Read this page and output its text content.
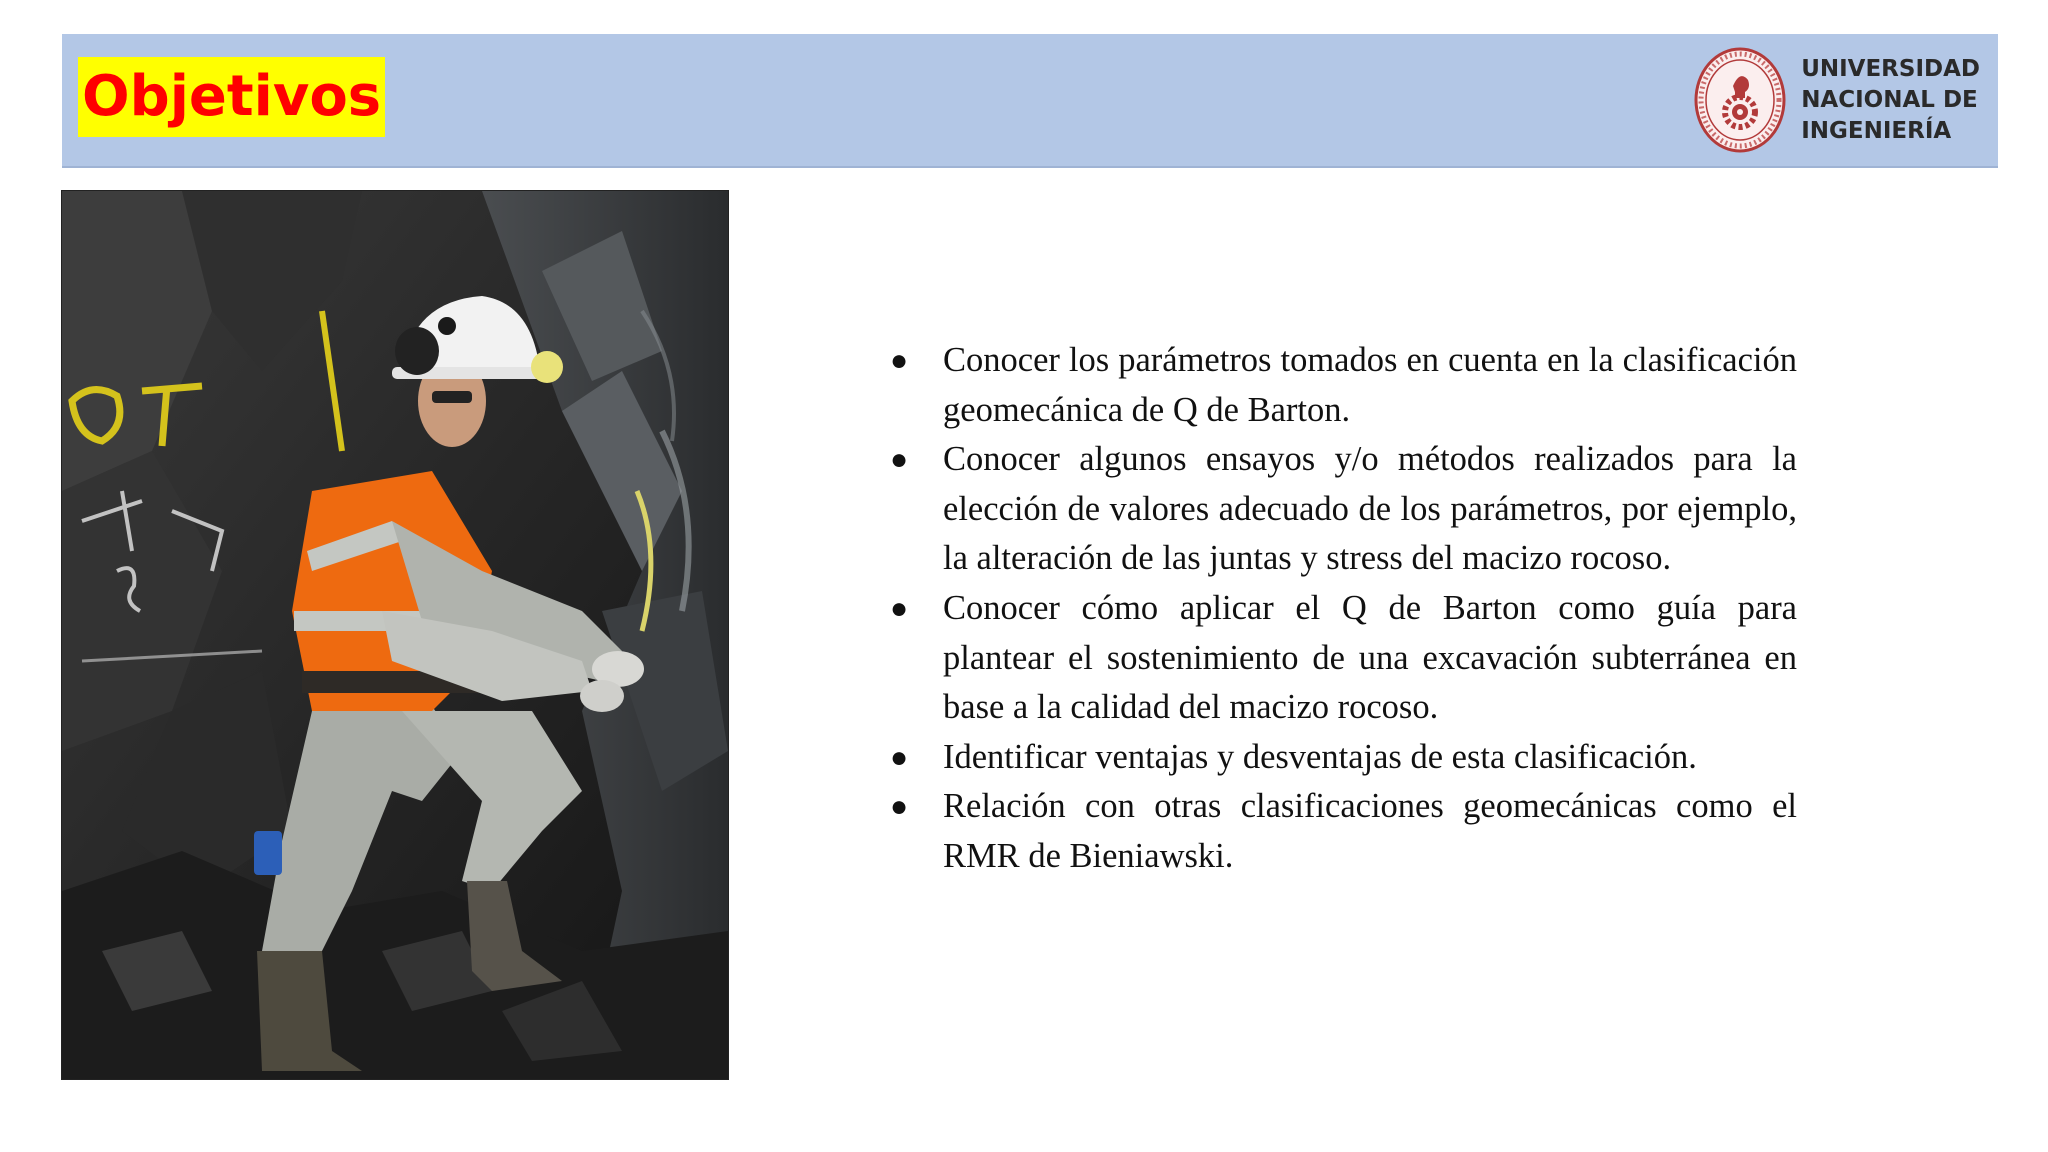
Objetivos	UNIVERSIDAD
NACIONAL DE
INGENIERÍA
● Conocer los parámetros tomados en cuenta en la clasificación geomecánica de Q de Barton.
● Conocer algunos ensayos y/o métodos realizados para la elección de valores adecuado de los parámetros, por ejemplo, la alteración de las juntas y stress del macizo rocoso.
● Conocer cómo aplicar el Q de Barton como guía para plantear el sostenimiento de una excavación subterránea en base a la calidad del macizo rocoso.
● Identificar ventajas y desventajas de esta clasificación.
● Relación con otras clasificaciones geomecánicas como el RMR de Bieniawski.
